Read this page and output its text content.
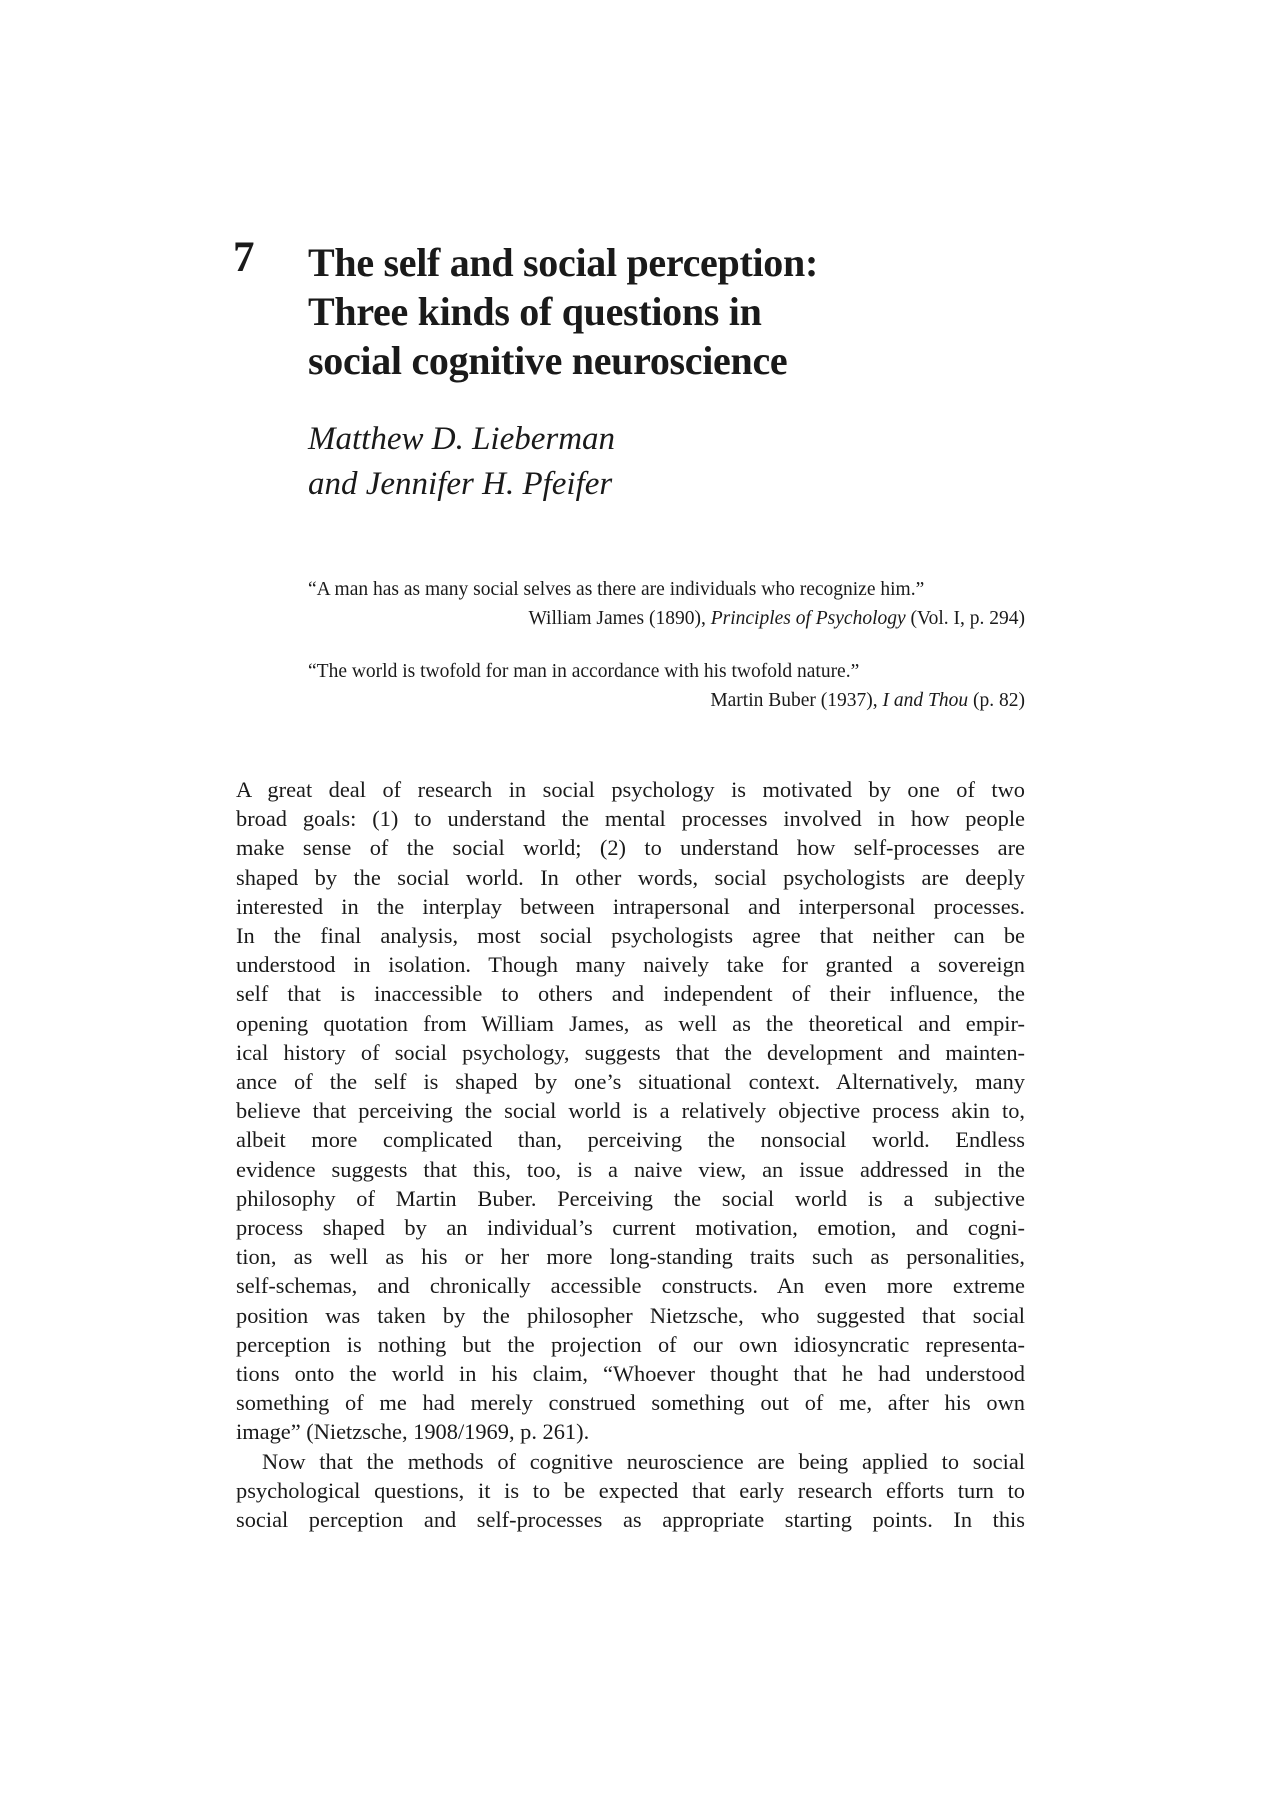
7 The self and social perception:
Three kinds of questions in
social cognitive neuroscience
Matthew D. Lieberman
and Jennifer H. Pfeifer
“A man has as many social selves as there are individuals who recognize him.”
William James (1890), Principles of Psychology (Vol. I, p. 294)
“The world is twofold for man in accordance with his twofold nature.”
Martin Buber (1937), I and Thou (p. 82)

A great deal of research in social psychology is motivated by one of two
broad goals: (1) to understand the mental processes involved in how people
make sense of the social world; (2) to understand how self-processes are
shaped by the social world. In other words, social psychologists are deeply
interested in the interplay between intrapersonal and interpersonal processes.
In the final analysis, most social psychologists agree that neither can be
understood in isolation. Though many naively take for granted a sovereign
self that is inaccessible to others and independent of their influence, the
opening quotation from William James, as well as the theoretical and empir-
ical history of social psychology, suggests that the development and mainten-
ance of the self is shaped by one’s situational context. Alternatively, many
believe that perceiving the social world is a relatively objective process akin to,
albeit more complicated than, perceiving the nonsocial world. Endless
evidence suggests that this, too, is a naive view, an issue addressed in the
philosophy of Martin Buber. Perceiving the social world is a subjective
process shaped by an individual’s current motivation, emotion, and cogni-
tion, as well as his or her more long-standing traits such as personalities,
self-schemas, and chronically accessible constructs. An even more extreme
position was taken by the philosopher Nietzsche, who suggested that social
perception is nothing but the projection of our own idiosyncratic representa-
tions onto the world in his claim, “Whoever thought that he had understood
something of me had merely construed something out of me, after his own
image” (Nietzsche, 1908/1969, p. 261).

Now that the methods of cognitive neuroscience are being applied to social
psychological questions, it is to be expected that early research efforts turn to
social perception and self-processes as appropriate starting points. In this
